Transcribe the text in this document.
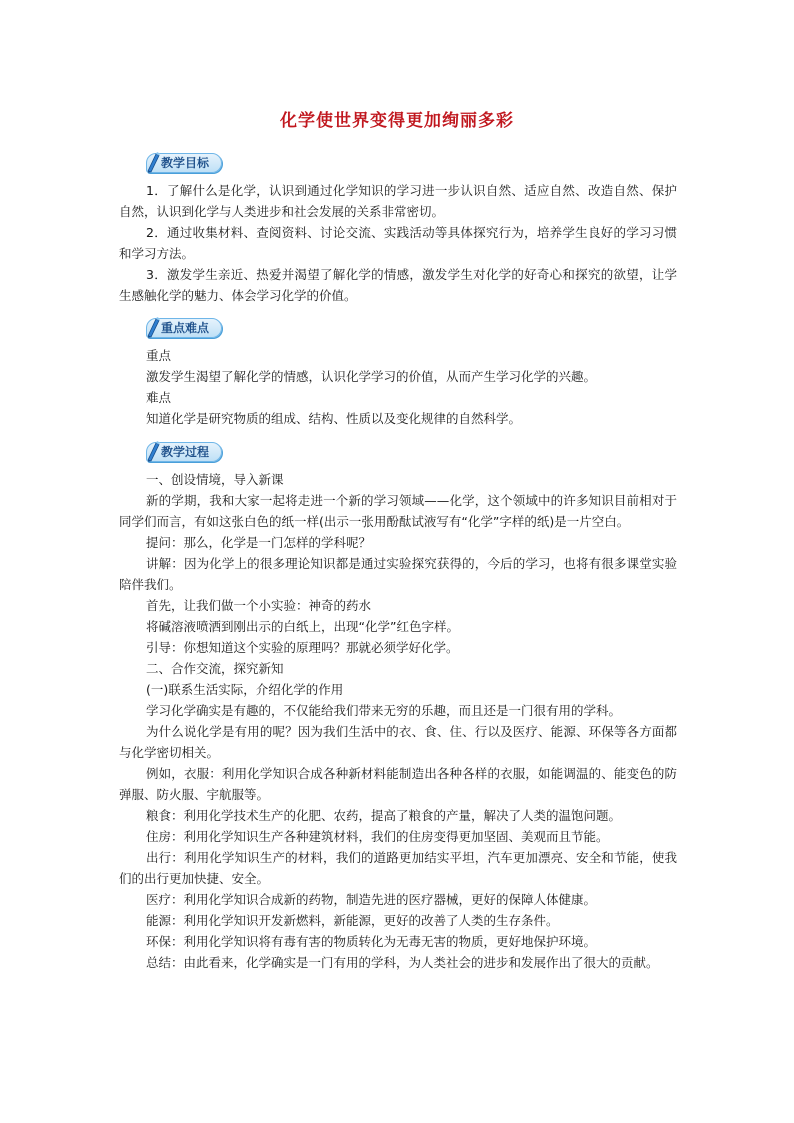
化学使世界变得更加绚丽多彩
教学目标

1．了解什么是化学，认识到通过化学知识的学习进一步认识自然、适应自然、改造自然、保护自然，认识到化学与人类进步和社会发展的关系非常密切。

2．通过收集材料、查阅资料、讨论交流、实践活动等具体探究行为，培养学生良好的学习习惯和学习方法。

3．激发学生亲近、热爱并渴望了解化学的情感，激发学生对化学的好奇心和探究的欲望，让学生感触化学的魅力、体会学习化学的价值。

重点难点

重点

激发学生渴望了解化学的情感，认识化学学习的价值，从而产生学习化学的兴趣。

难点

知道化学是研究物质的组成、结构、性质以及变化规律的自然科学。

教学过程

一、创设情境，导入新课

新的学期，我和大家一起将走进一个新的学习领域——化学，这个领域中的许多知识目前相对于同学们而言，有如这张白色的纸一样(出示一张用酚酞试液写有“化学”字样的纸)是一片空白。

提问：那么，化学是一门怎样的学科呢？

讲解：因为化学上的很多理论知识都是通过实验探究获得的，今后的学习，也将有很多课堂实验陪伴我们。

首先，让我们做一个小实验：神奇的药水

将碱溶液喷洒到刚出示的白纸上，出现“化学”红色字样。

引导：你想知道这个实验的原理吗？那就必须学好化学。

二、合作交流，探究新知

(一)联系生活实际，介绍化学的作用

学习化学确实是有趣的，不仅能给我们带来无穷的乐趣，而且还是一门很有用的学科。

为什么说化学是有用的呢？因为我们生活中的衣、食、住、行以及医疗、能源、环保等各方面都与化学密切相关。

例如，衣服：利用化学知识合成各种新材料能制造出各种各样的衣服，如能调温的、能变色的防弹服、防火服、宇航服等。

粮食：利用化学技术生产的化肥、农药，提高了粮食的产量，解决了人类的温饱问题。

住房：利用化学知识生产各种建筑材料，我们的住房变得更加坚固、美观而且节能。

出行：利用化学知识生产的材料，我们的道路更加结实平坦，汽车更加漂亮、安全和节能，使我们的出行更加快捷、安全。

医疗：利用化学知识合成新的药物，制造先进的医疗器械，更好的保障人体健康。

能源：利用化学知识开发新燃料，新能源，更好的改善了人类的生存条件。

环保：利用化学知识将有毒有害的物质转化为无毒无害的物质，更好地保护环境。

总结：由此看来，化学确实是一门有用的学科，为人类社会的进步和发展作出了很大的贡献。
